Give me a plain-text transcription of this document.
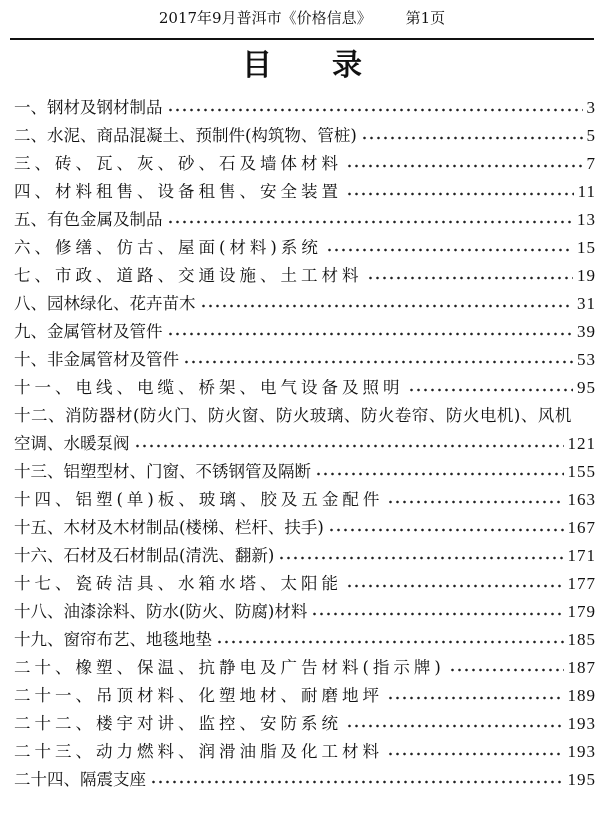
2017年9月普洱市《价格信息》 第1页
目录
一、钢材及钢材制品	3
二、水泥、商品混凝土、预制件(构筑物、管桩)	5
三、砖、瓦、灰、砂、石及墙体材料	7
四、材料租售、设备租售、安全装置	11
五、有色金属及制品	13
六、修缮、仿古、屋面(材料)系统	15
七、市政、道路、交通设施、土工材料	19
八、园林绿化、花卉苗木	31
九、金属管材及管件	39
十、非金属管材及管件	53
十一、电线、电缆、桥架、电气设备及照明	95
十二、消防器材(防火门、防火窗、防火玻璃、防火卷帘、防火电机)、风机
空调、水暖泵阀	121
十三、铝塑型材、门窗、不锈钢管及隔断	155
十四、铝塑(单)板、玻璃、胶及五金配件	163
十五、木材及木材制品(楼梯、栏杆、扶手)	167
十六、石材及石材制品(清洗、翻新)	171
十七、瓷砖洁具、水箱水塔、太阳能	177
十八、油漆涂料、防水(防火、防腐)材料	179
十九、窗帘布艺、地毯地垫	185
二十、橡塑、保温、抗静电及广告材料(指示牌)	187
二十一、吊顶材料、化塑地材、耐磨地坪	189
二十二、楼宇对讲、监控、安防系统	193
二十三、动力燃料、润滑油脂及化工材料	193
二十四、隔震支座	195
